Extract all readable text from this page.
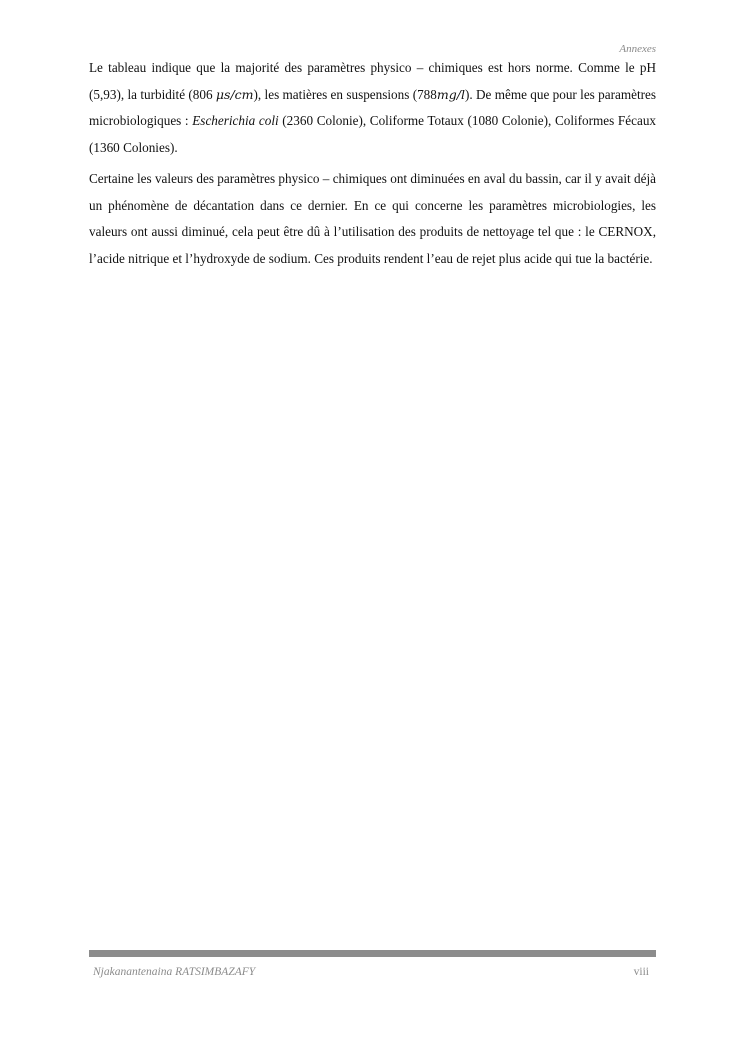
Annexes

Le tableau indique que la majorité des paramètres physico – chimiques est hors norme. Comme le pH (5,93), la turbidité (806 μs/cm), les matières en suspensions (788mg/l). De même que pour les paramètres microbiologiques : Escherichia coli (2360 Colonie), Coliforme Totaux (1080 Colonie), Coliformes Fécaux (1360 Colonies).

Certaine les valeurs des paramètres physico – chimiques ont diminuées en aval du bassin, car il y avait déjà un phénomène de décantation dans ce dernier. En ce qui concerne les paramètres microbiologies, les valeurs ont aussi diminué, cela peut être dû à l’utilisation des produits de nettoyage tel que : le CERNOX, l’acide nitrique et l’hydroxyde de sodium. Ces produits rendent l’eau de rejet plus acide qui tue la bactérie.

Njakanantenaina RATSIMBAZAFY	viii
